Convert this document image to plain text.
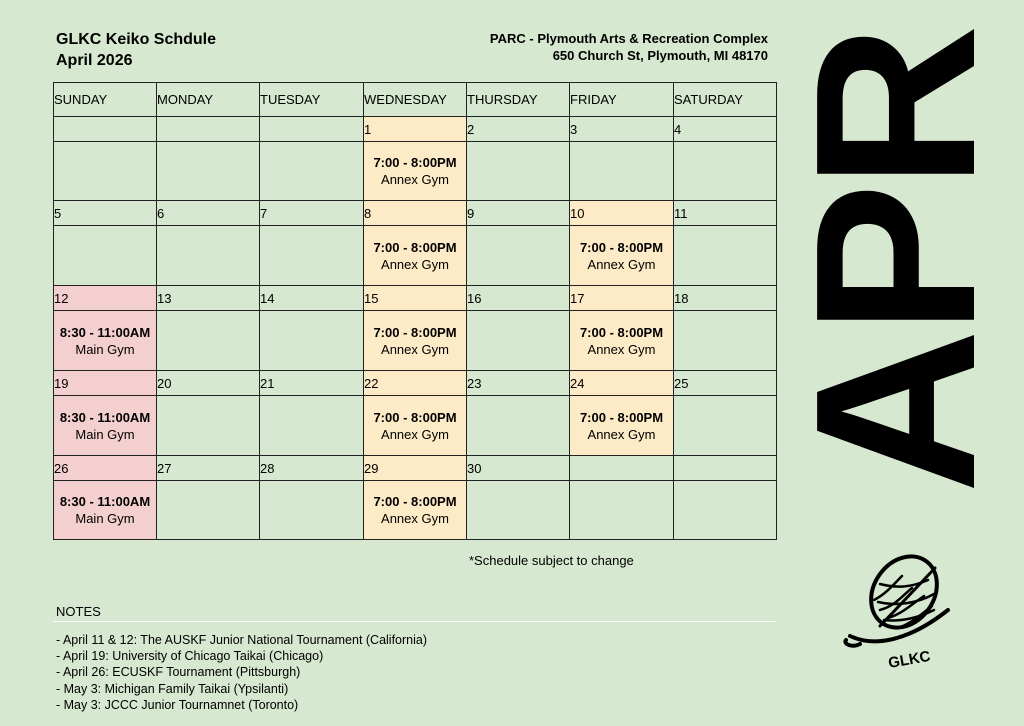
GLKC Keiko Schdule
April 2026
PARC - Plymouth Arts & Recreation Complex
650 Church St, Plymouth, MI 48170
SUNDAY	MONDAY	TUESDAY	WEDNESDAY	THURSDAY	FRIDAY	SATURDAY
			1	2	3	4

			7:00 - 8:00PM
Annex Gym			

5	6	7	8	9	10	11

			7:00 - 8:00PM
Annex Gym		7:00 - 8:00PM
Annex Gym	

12	13	14	15	16	17	18

8:30 - 11:00AM
Main Gym			7:00 - 8:00PM
Annex Gym		7:00 - 8:00PM
Annex Gym	

19	20	21	22	23	24	25

8:30 - 11:00AM
Main Gym			7:00 - 8:00PM
Annex Gym		7:00 - 8:00PM
Annex Gym	

26	27	28	29	30		

8:30 - 11:00AM
Main Gym			7:00 - 8:00PM
Annex Gym			

*Schedule subject to change
NOTES
- April 11 & 12: The AUSKF Junior National Tournament (California)
- April 19: University of Chicago Taikai (Chicago)
- April 26: ECUSKF Tournament (Pittsburgh)
- May 3: Michigan Family Taikai (Ypsilanti)
- May 3: JCCC Junior Tournamnet (Toronto)
APR
GLKC
